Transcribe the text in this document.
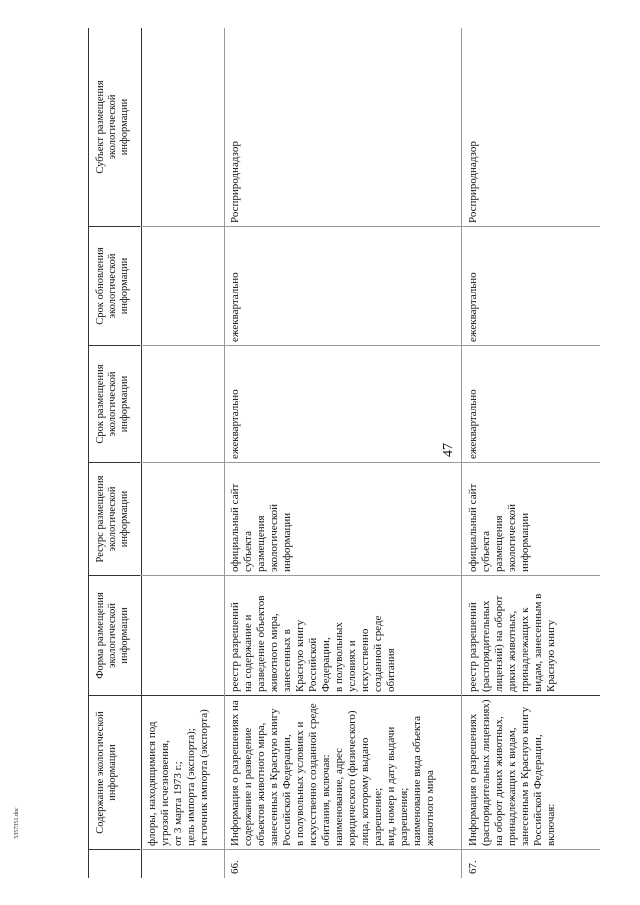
47
5357351.doc	Содержание экологической информации
Форма размещения экологической информации
Ресурс размещения экологической информации
Срок размещения экологической информации
Срок обновления экологической информации
Субъект размещения экологической информации
флоры, находящимися под угрозой исчезновения, от 3 марта 1973 г.; цель импорта (экспорта); источник импорта (экспорта)
66.
Информация о разрешениях на содержание и разведение объектов животного мира, занесенных в Красную книгу Российской Федерации, в полувольных условиях и искусственно созданной среде обитания, включая: наименование, адрес юридического (физического) лица, которому выдано разрешение; вид, номер и дату выдачи разрешения; наименование вида объекта животного мира
реестр разрешений на содержание и разведение объектов животного мира, занесенных в Красную книгу Российской Федерации, в полувольных условиях и искусственно созданной среде обитания
официальный сайт субъекта размещения экологической информации
ежеквартально
ежеквартально
Росприроднадзор
67.
Информация о разрешениях (распорядительных лицензиях) на оборот диких животных, принадлежащих к видам, занесенным в Красную книгу Российской Федерации, включая:
реестр разрешений (распорядительных лицензий) на оборот диких животных, принадлежащих к видам, занесенным в Красную книгу
официальный сайт субъекта размещения экологической информации
ежеквартально
ежеквартально
Росприроднадзор
